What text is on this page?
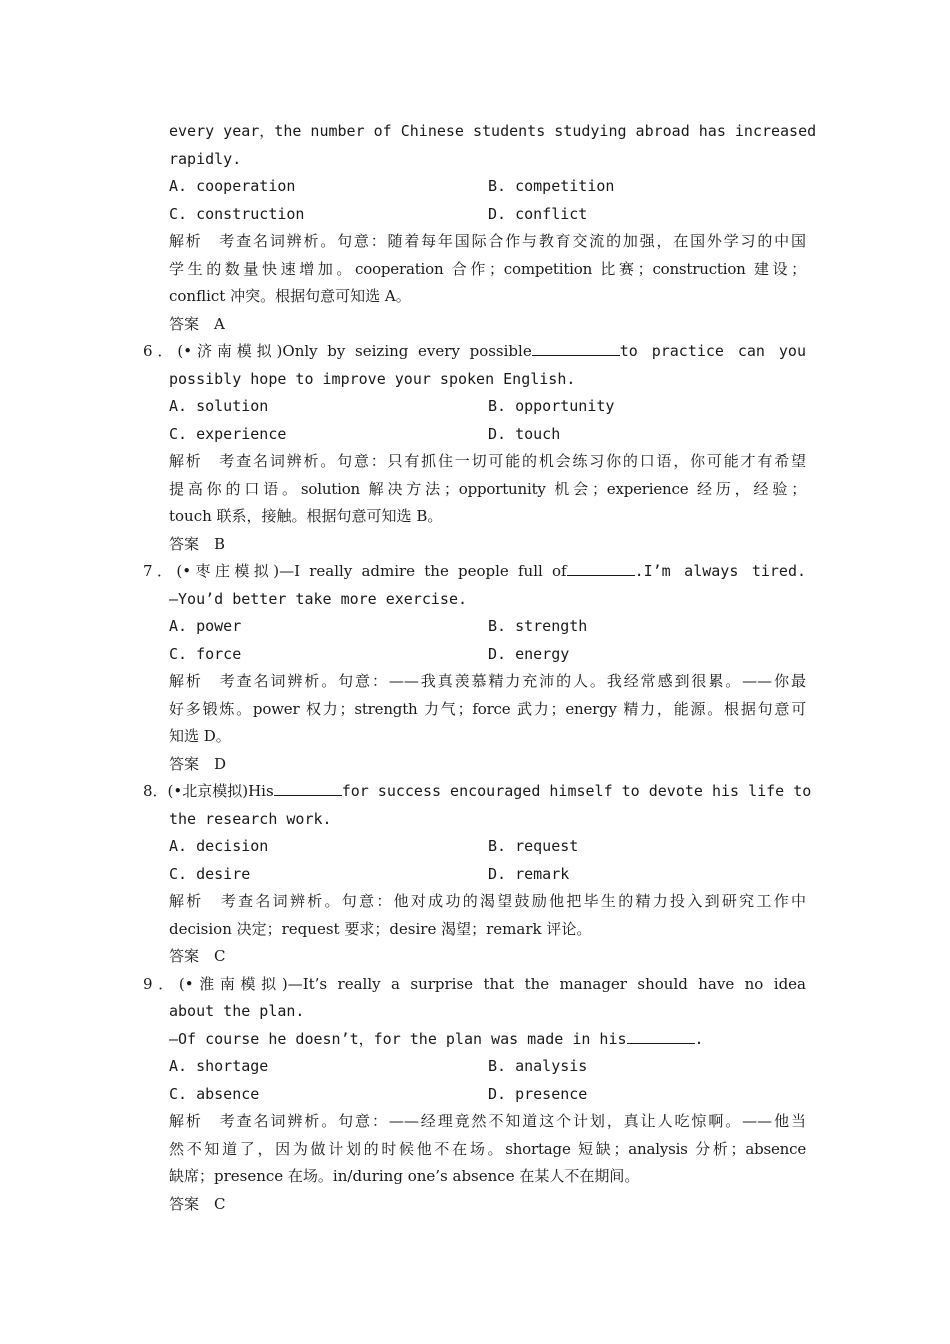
every year，the number of Chinese students studying abroad has increased
rapidly.
A. cooperation	B. competition
C. construction	D. conflict
解析　考查名词辨析。句意：随着每年国际合作与教育交流的加强，在国外学习的中国
学生的数量快速增加。cooperation 合作；competition 比赛；construction 建设；
conflict 冲突。根据句意可知选 A。
答案　A
6．(•济南模拟)Only by seizing every possible	to practice can you
possibly hope to improve your spoken English.
A. solution	B. opportunity
C. experience	D. touch
解析　考查名词辨析。句意：只有抓住一切可能的机会练习你的口语，你可能才有希望
提高你的口语。solution 解决方法；opportunity 机会；experience 经历，经验；
touch 联系，接触。根据句意可知选 B。
答案　B
7．(•枣庄模拟)—I really admire the people full of	.I’m always tired.
—You’d better take more exercise.
A. power	B. strength
C. force	D. energy
解析　考查名词辨析。句意：——我真羡慕精力充沛的人。我经常感到很累。——你最
好多锻炼。power 权力；strength 力气；force 武力；energy 精力，能源。根据句意可
知选 D。
答案　D
8．(•北京模拟)His	for success encouraged himself to devote his life to
the research work.
A. decision	B. request
C. desire	D. remark
解析　考查名词辨析。句意：他对成功的渴望鼓励他把毕生的精力投入到研究工作中
decision 决定；request 要求；desire 渴望；remark 评论。
答案　C
9．(•淮南模拟)—It’s really a surprise that the manager should have no idea
about the plan.
—Of course he doesn’t，for the plan was made in his	.
A. shortage	B. analysis
C. absence	D. presence
解析　考查名词辨析。句意：——经理竟然不知道这个计划，真让人吃惊啊。——他当
然不知道了，因为做计划的时候他不在场。shortage 短缺；analysis 分析；absence
缺席；presence 在场。in/during one’s absence 在某人不在期间。
答案　C
